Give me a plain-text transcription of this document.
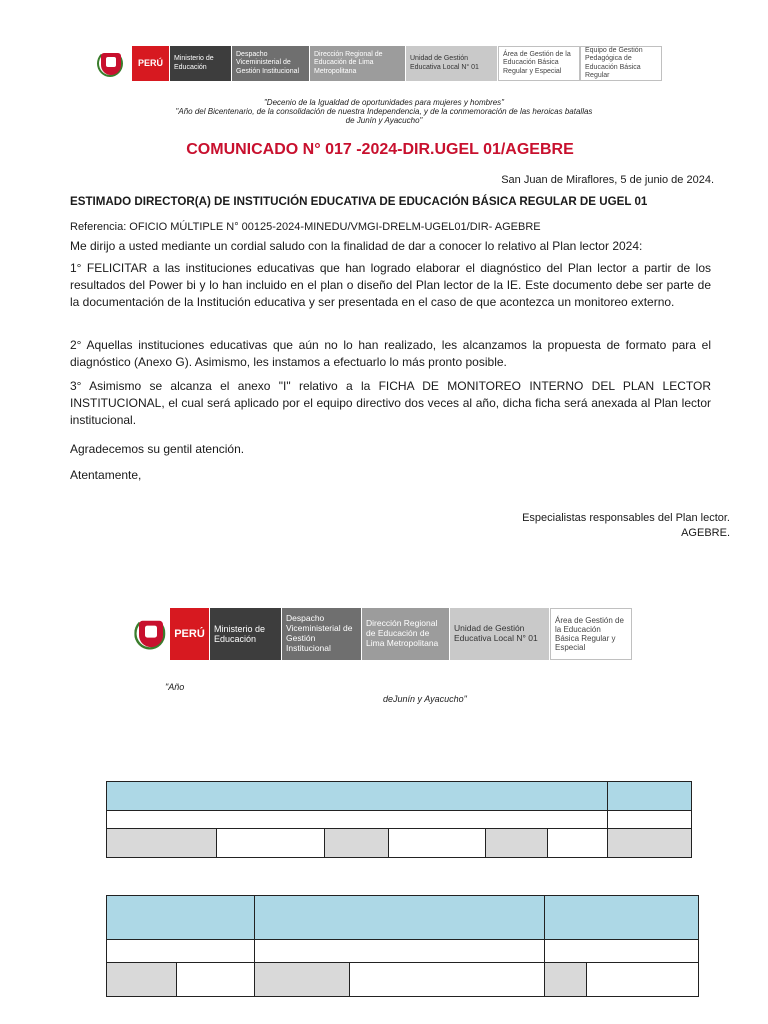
PERÚ	Ministerio de Educación
Despacho Viceministerial de Gestión Institucional
Dirección Regional de Educación de Lima Metropolitana
Unidad de Gestión Educativa Local N° 01
Área de Gestión de la Educación Básica Regular y Especial
Equipo de Gestión Pedagógica de Educación Básica Regular
"Decenio de la Igualdad de oportunidades para mujeres y hombres"
"Año del Bicentenario, de la consolidación de nuestra Independencia, y de la conmemoración de las heroicas batallas
de Junín y Ayacucho"
COMUNICADO N° 017 -2024-DIR.UGEL 01/AGEBRE
San Juan de Miraflores, 5 de junio de 2024.
ESTIMADO DIRECTOR(A) DE INSTITUCIÓN EDUCATIVA DE EDUCACIÓN BÁSICA REGULAR DE UGEL 01
Referencia: OFICIO MÚLTIPLE N° 00125-2024-MINEDU/VMGI-DRELM-UGEL01/DIR- AGEBRE

Me dirijo a usted mediante un cordial saludo con la finalidad de dar a conocer lo relativo al Plan lector 2024:

1° FELICITAR a las instituciones educativas que han logrado elaborar el diagnóstico del Plan lector a partir de los resultados del Power bi y lo han incluido en el plan o diseño del Plan lector de la IE. Este documento debe ser parte de la documentación de la Institución educativa y ser presentada en el caso de que acontezca un monitoreo externo.

2° Aquellas instituciones educativas que aún no lo han realizado, les alcanzamos la propuesta de formato para el diagnóstico (Anexo G). Asimismo, les instamos a efectuarlo lo más pronto posible.

3° Asimismo se alcanza el anexo "I" relativo a la FICHA DE MONITOREO INTERNO DEL PLAN LECTOR INSTITUCIONAL, el cual será aplicado por el equipo directivo dos veces al año, dicha ficha será anexada al Plan lector institucional.

Agradecemos su gentil atención.

Atentamente,

Especialistas responsables del Plan lector.
AGEBRE.
PERÚ	Ministerio de Educación
Despacho Viceministerial de Gestión Institucional
Dirección Regional de Educación de Lima Metropolitana
Unidad de Gestión Educativa Local N° 01
Área de Gestión de la Educación Básica Regular y Especial
"Año
deJunín y Ayacucho"
